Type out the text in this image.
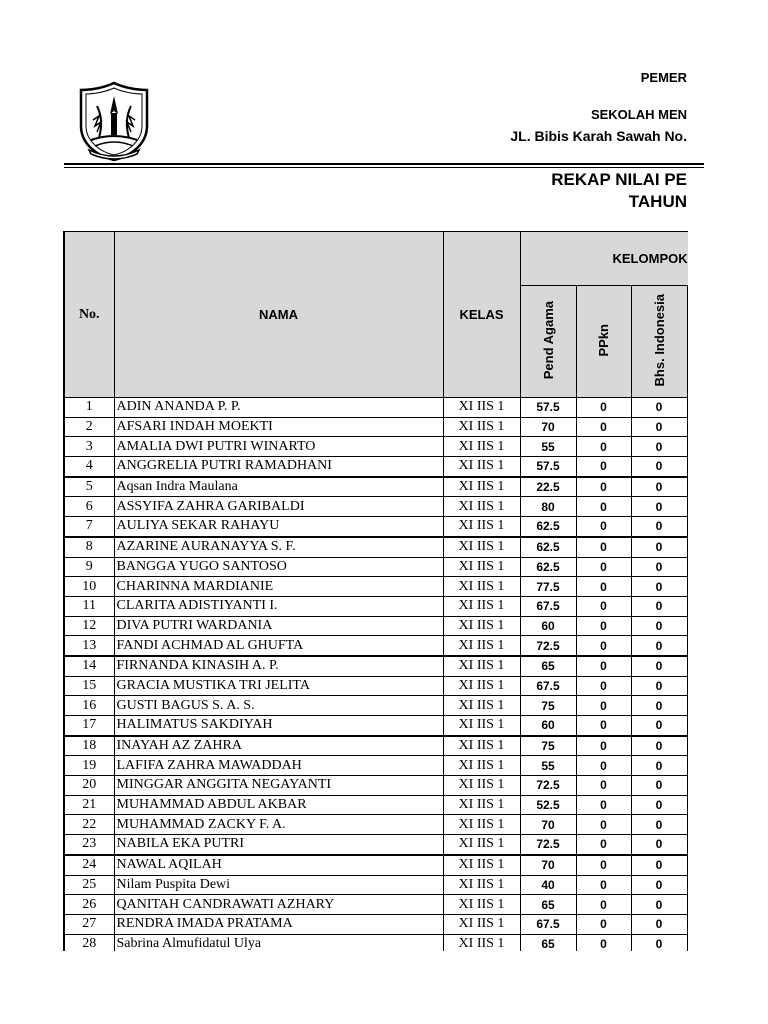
PEMER
SEKOLAH MEN
JL. Bibis Karah Sawah No.
REKAP NILAI PE
TAHUN
No.	NAMA	KELAS	KELOMPOK			
			Pend Agama	PPkn	Bhs. Indonesia	
1	ADIN ANANDA P. P.	XI IIS 1	57.5	0	0	
2	AFSARI INDAH MOEKTI	XI IIS 1	70	0	0	
3	AMALIA DWI PUTRI WINARTO	XI IIS 1	55	0	0	
4	ANGGRELIA PUTRI RAMADHANI	XI IIS 1	57.5	0	0	
5	Aqsan Indra Maulana	XI IIS 1	22.5	0	0	
6	ASSYIFA ZAHRA GARIBALDI	XI IIS 1	80	0	0	
7	AULIYA SEKAR RAHAYU	XI IIS 1	62.5	0	0	
8	AZARINE AURANAYYA S. F.	XI IIS 1	62.5	0	0	
9	BANGGA YUGO SANTOSO	XI IIS 1	62.5	0	0	
10	CHARINNA MARDIANIE	XI IIS 1	77.5	0	0	
11	CLARITA ADISTIYANTI I.	XI IIS 1	67.5	0	0	
12	DIVA PUTRI WARDANIA	XI IIS 1	60	0	0	
13	FANDI ACHMAD AL GHUFTA	XI IIS 1	72.5	0	0	
14	FIRNANDA KINASIH A. P.	XI IIS 1	65	0	0	
15	GRACIA MUSTIKA TRI JELITA	XI IIS 1	67.5	0	0	
16	GUSTI BAGUS S. A. S.	XI IIS 1	75	0	0	
17	HALIMATUS SAKDIYAH	XI IIS 1	60	0	0	
18	INAYAH AZ ZAHRA	XI IIS 1	75	0	0	
19	LAFIFA ZAHRA MAWADDAH	XI IIS 1	55	0	0	
20	MINGGAR ANGGITA NEGAYANTI	XI IIS 1	72.5	0	0	
21	MUHAMMAD ABDUL AKBAR	XI IIS 1	52.5	0	0	
22	MUHAMMAD ZACKY F. A.	XI IIS 1	70	0	0	
23	NABILA EKA PUTRI	XI IIS 1	72.5	0	0	
24	NAWAL AQILAH	XI IIS 1	70	0	0	
25	Nilam Puspita Dewi	XI IIS 1	40	0	0	
26	QANITAH CANDRAWATI AZHARY	XI IIS 1	65	0	0	
27	RENDRA IMADA PRATAMA	XI IIS 1	67.5	0	0	
28	Sabrina Almufidatul Ulya	XI IIS 1	65	0	0	
